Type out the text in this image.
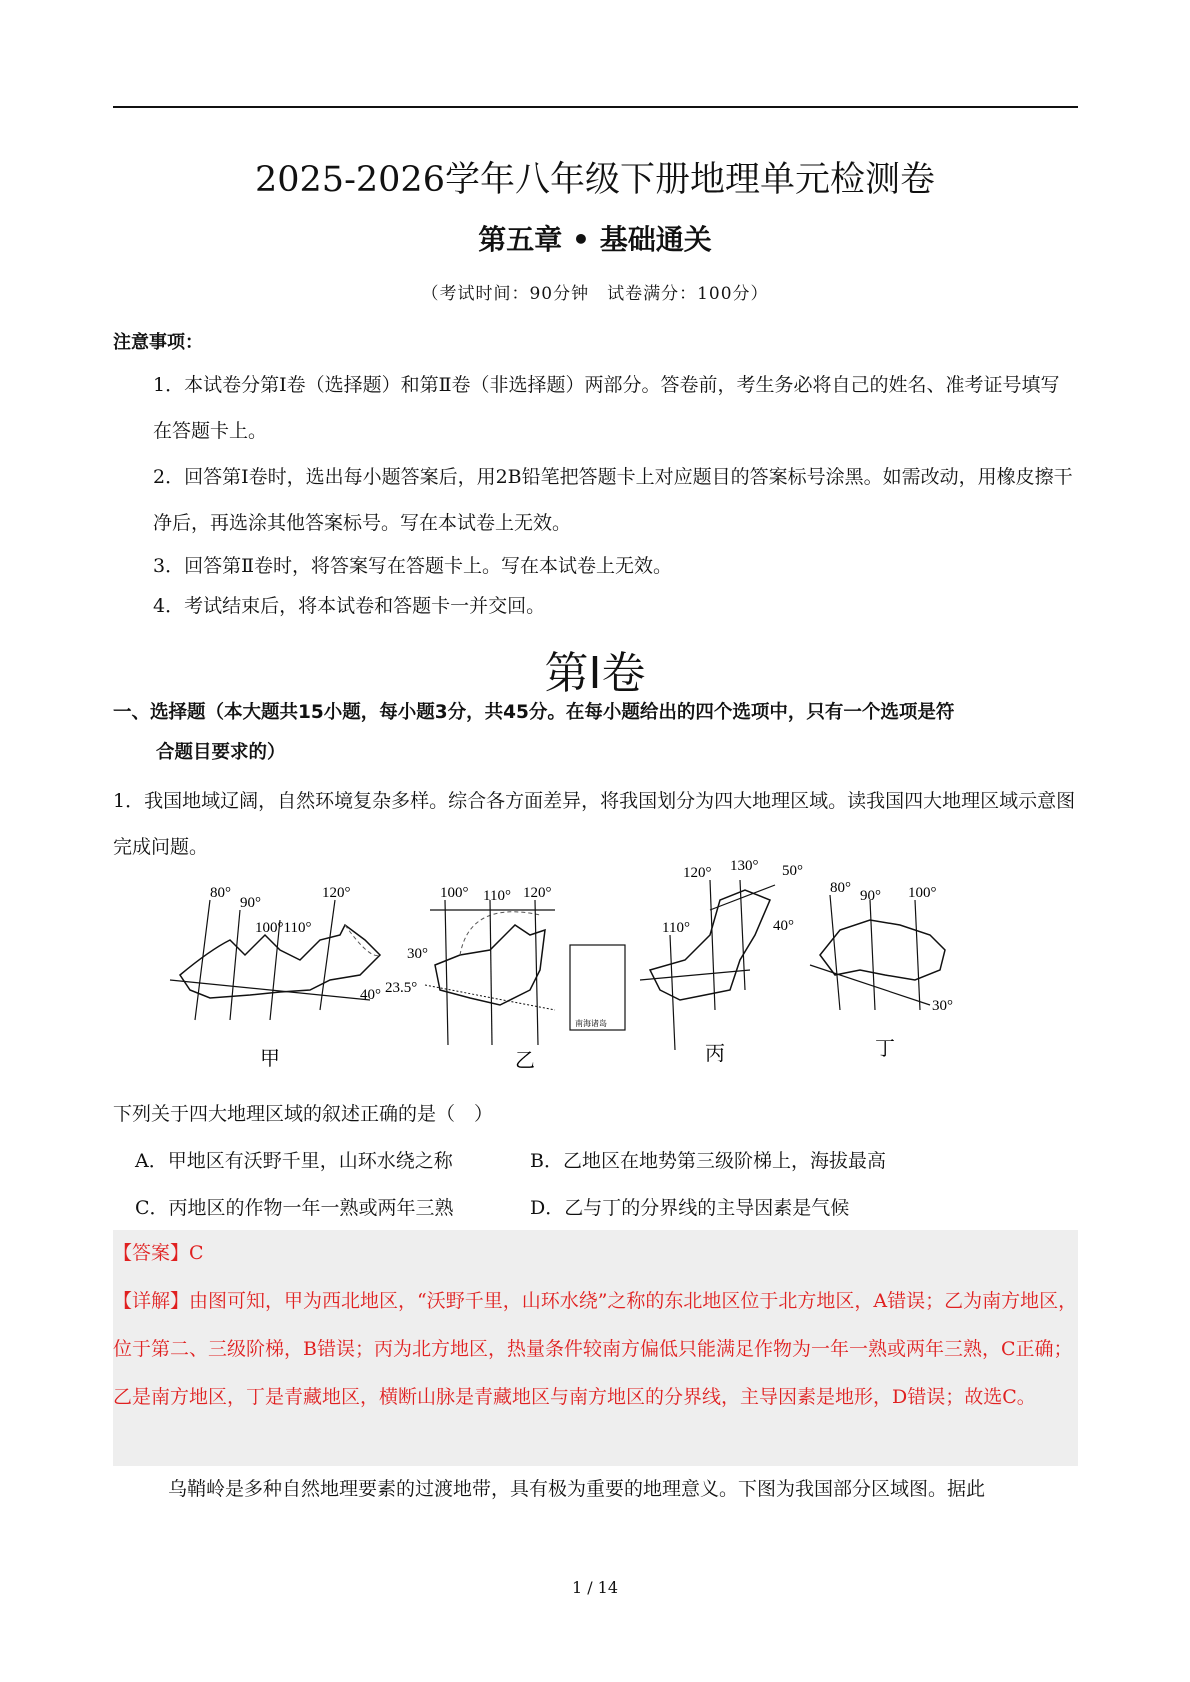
2025-2026学年八年级下册地理单元检测卷
第五章 • 基础通关
（考试时间：90分钟　试卷满分：100分）
注意事项：
1．本试卷分第Ⅰ卷（选择题）和第Ⅱ卷（非选择题）两部分。答卷前，考生务必将自己的姓名、准考证号填写在答题卡上。
2．回答第Ⅰ卷时，选出每小题答案后，用2B铅笔把答题卡上对应题目的答案标号涂黑。如需改动，用橡皮擦干净后，再选涂其他答案标号。写在本试卷上无效。
3．回答第Ⅱ卷时，将答案写在答题卡上。写在本试卷上无效。
4．考试结束后，将本试卷和答题卡一并交回。
第Ⅰ卷
一、选择题（本大题共15小题，每小题3分，共45分。在每小题给出的四个选项中，只有一个选项是符
合题目要求的）
1．我国地域辽阔，自然环境复杂多样。综合各方面差异，将我国划分为四大地理区域。读我国四大地理区域示意图完成问题。
80°
90°
100°110°
120°
40°
甲
100° 110° 120°
30°
23.5°
南海诸岛
乙
120° 130° 50°
110°	40°
丙
80° 90° 100°
30°
丁
下列关于四大地理区域的叙述正确的是（　）
A．甲地区有沃野千里，山环水绕之称	B．乙地区在地势第三级阶梯上，海拔最高
C．丙地区的作物一年一熟或两年三熟	D．乙与丁的分界线的主导因素是气候
【答案】C
【详解】由图可知，甲为西北地区，“沃野千里，山环水绕”之称的东北地区位于北方地区，A错误；乙为南方地区，位于第二、三级阶梯，B错误；丙为北方地区，热量条件较南方偏低只能满足作物为一年一熟或两年三熟，C正确；乙是南方地区，丁是青藏地区，横断山脉是青藏地区与南方地区的分界线，主导因素是地形，D错误；故选C。
乌鞘岭是多种自然地理要素的过渡地带，具有极为重要的地理意义。下图为我国部分区域图。据此
1 / 14
